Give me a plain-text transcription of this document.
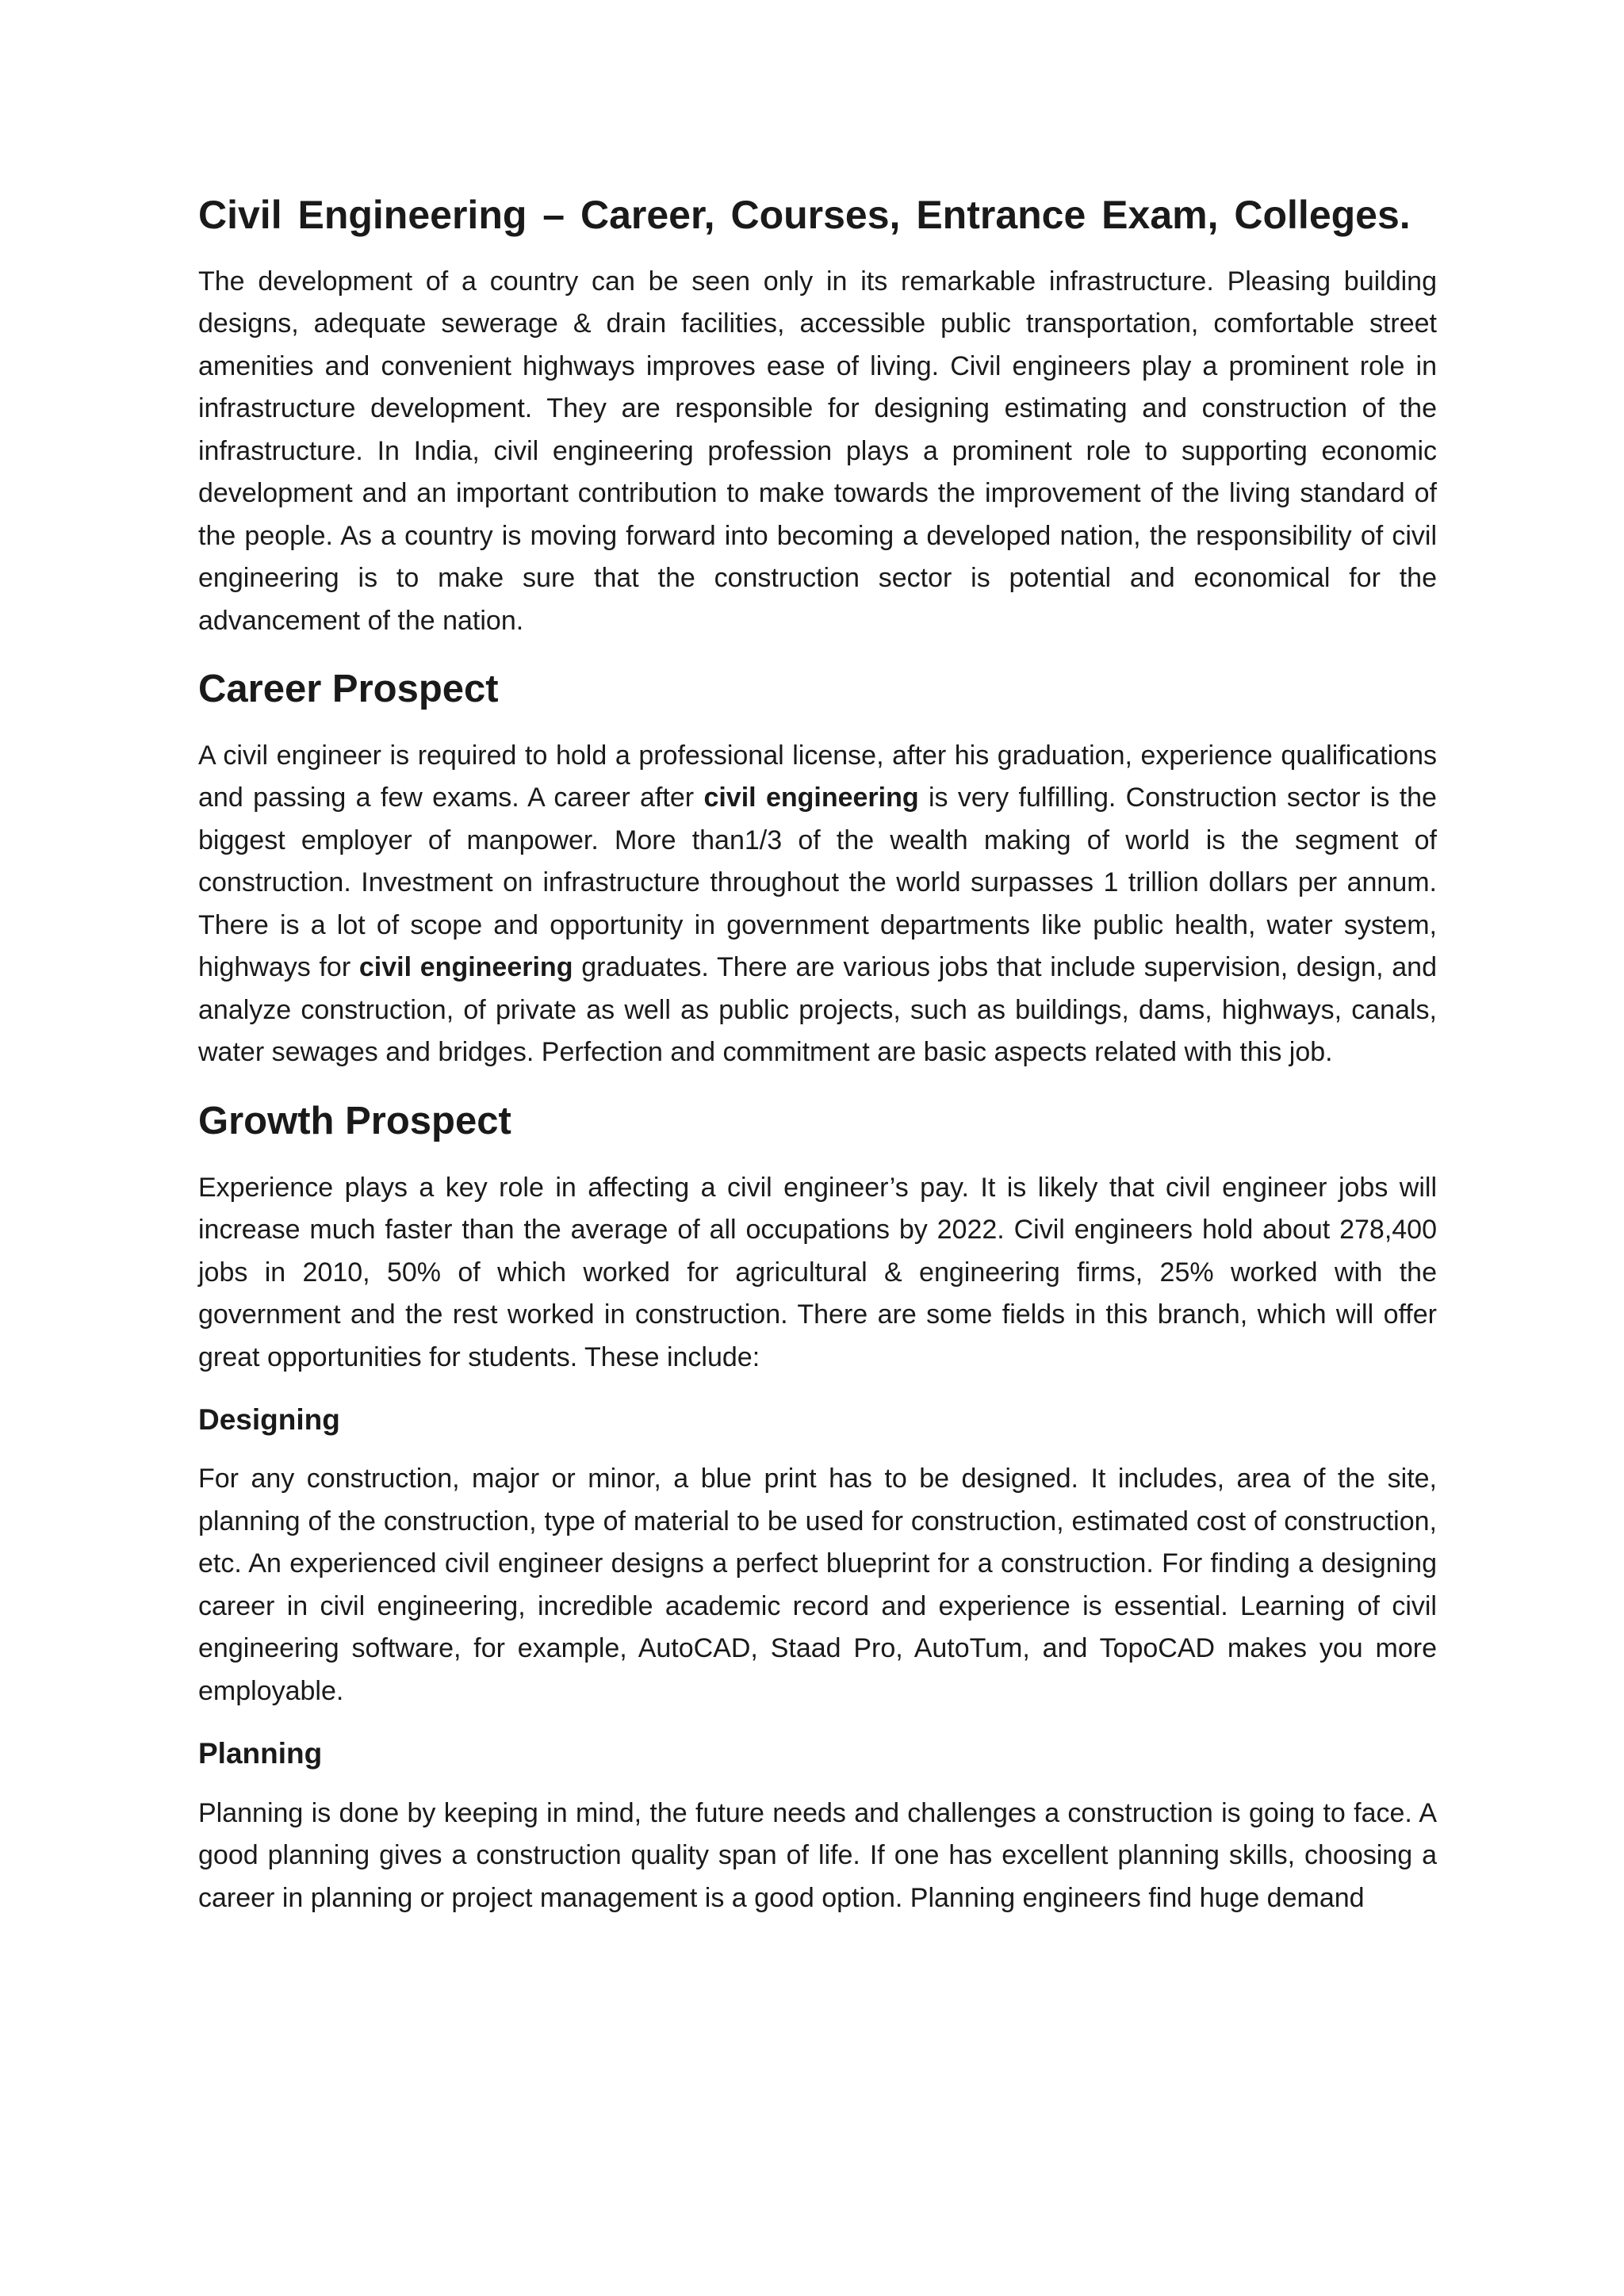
Civil Engineering – Career, Courses, Entrance Exam, Colleges.

The development of a country can be seen only in its remarkable infrastructure. Pleasing building designs, adequate sewerage & drain facilities, accessible public transportation, comfortable street amenities and convenient highways improves ease of living. Civil engineers play a prominent role in infrastructure development. They are responsible for designing estimating and construction of the infrastructure. In India, civil engineering profession plays a prominent role to supporting economic development and an important contribution to make towards the improvement of the living standard of the people. As a country is moving forward into becoming a developed nation, the responsibility of civil engineering is to make sure that the construction sector is potential and economical for the advancement of the nation.

Career Prospect

A civil engineer is required to hold a professional license, after his graduation, experience qualifications and passing a few exams. A career after civil engineering is very fulfilling. Construction sector is the biggest employer of manpower. More than1/3 of the wealth making of world is the segment of construction. Investment on infrastructure throughout the world surpasses 1 trillion dollars per annum. There is a lot of scope and opportunity in government departments like public health, water system, highways for civil engineering graduates. There are various jobs that include supervision, design, and analyze construction, of private as well as public projects, such as buildings, dams, highways, canals, water sewages and bridges. Perfection and commitment are basic aspects related with this job.

Growth Prospect

Experience plays a key role in affecting a civil engineer’s pay. It is likely that civil engineer jobs will increase much faster than the average of all occupations by 2022. Civil engineers hold about 278,400 jobs in 2010, 50% of which worked for agricultural & engineering firms, 25% worked with the government and the rest worked in construction. There are some fields in this branch, which will offer great opportunities for students. These include:

Designing

For any construction, major or minor, a blue print has to be designed. It includes, area of the site, planning of the construction, type of material to be used for construction, estimated cost of construction, etc. An experienced civil engineer designs a perfect blueprint for a construction. For finding a designing career in civil engineering, incredible academic record and experience is essential. Learning of civil engineering software, for example, AutoCAD, Staad Pro, AutoTum, and TopoCAD makes you more employable.

Planning

Planning is done by keeping in mind, the future needs and challenges a construction is going to face. A good planning gives a construction quality span of life. If one has excellent planning skills, choosing a career in planning or project management is a good option. Planning engineers find huge demand
